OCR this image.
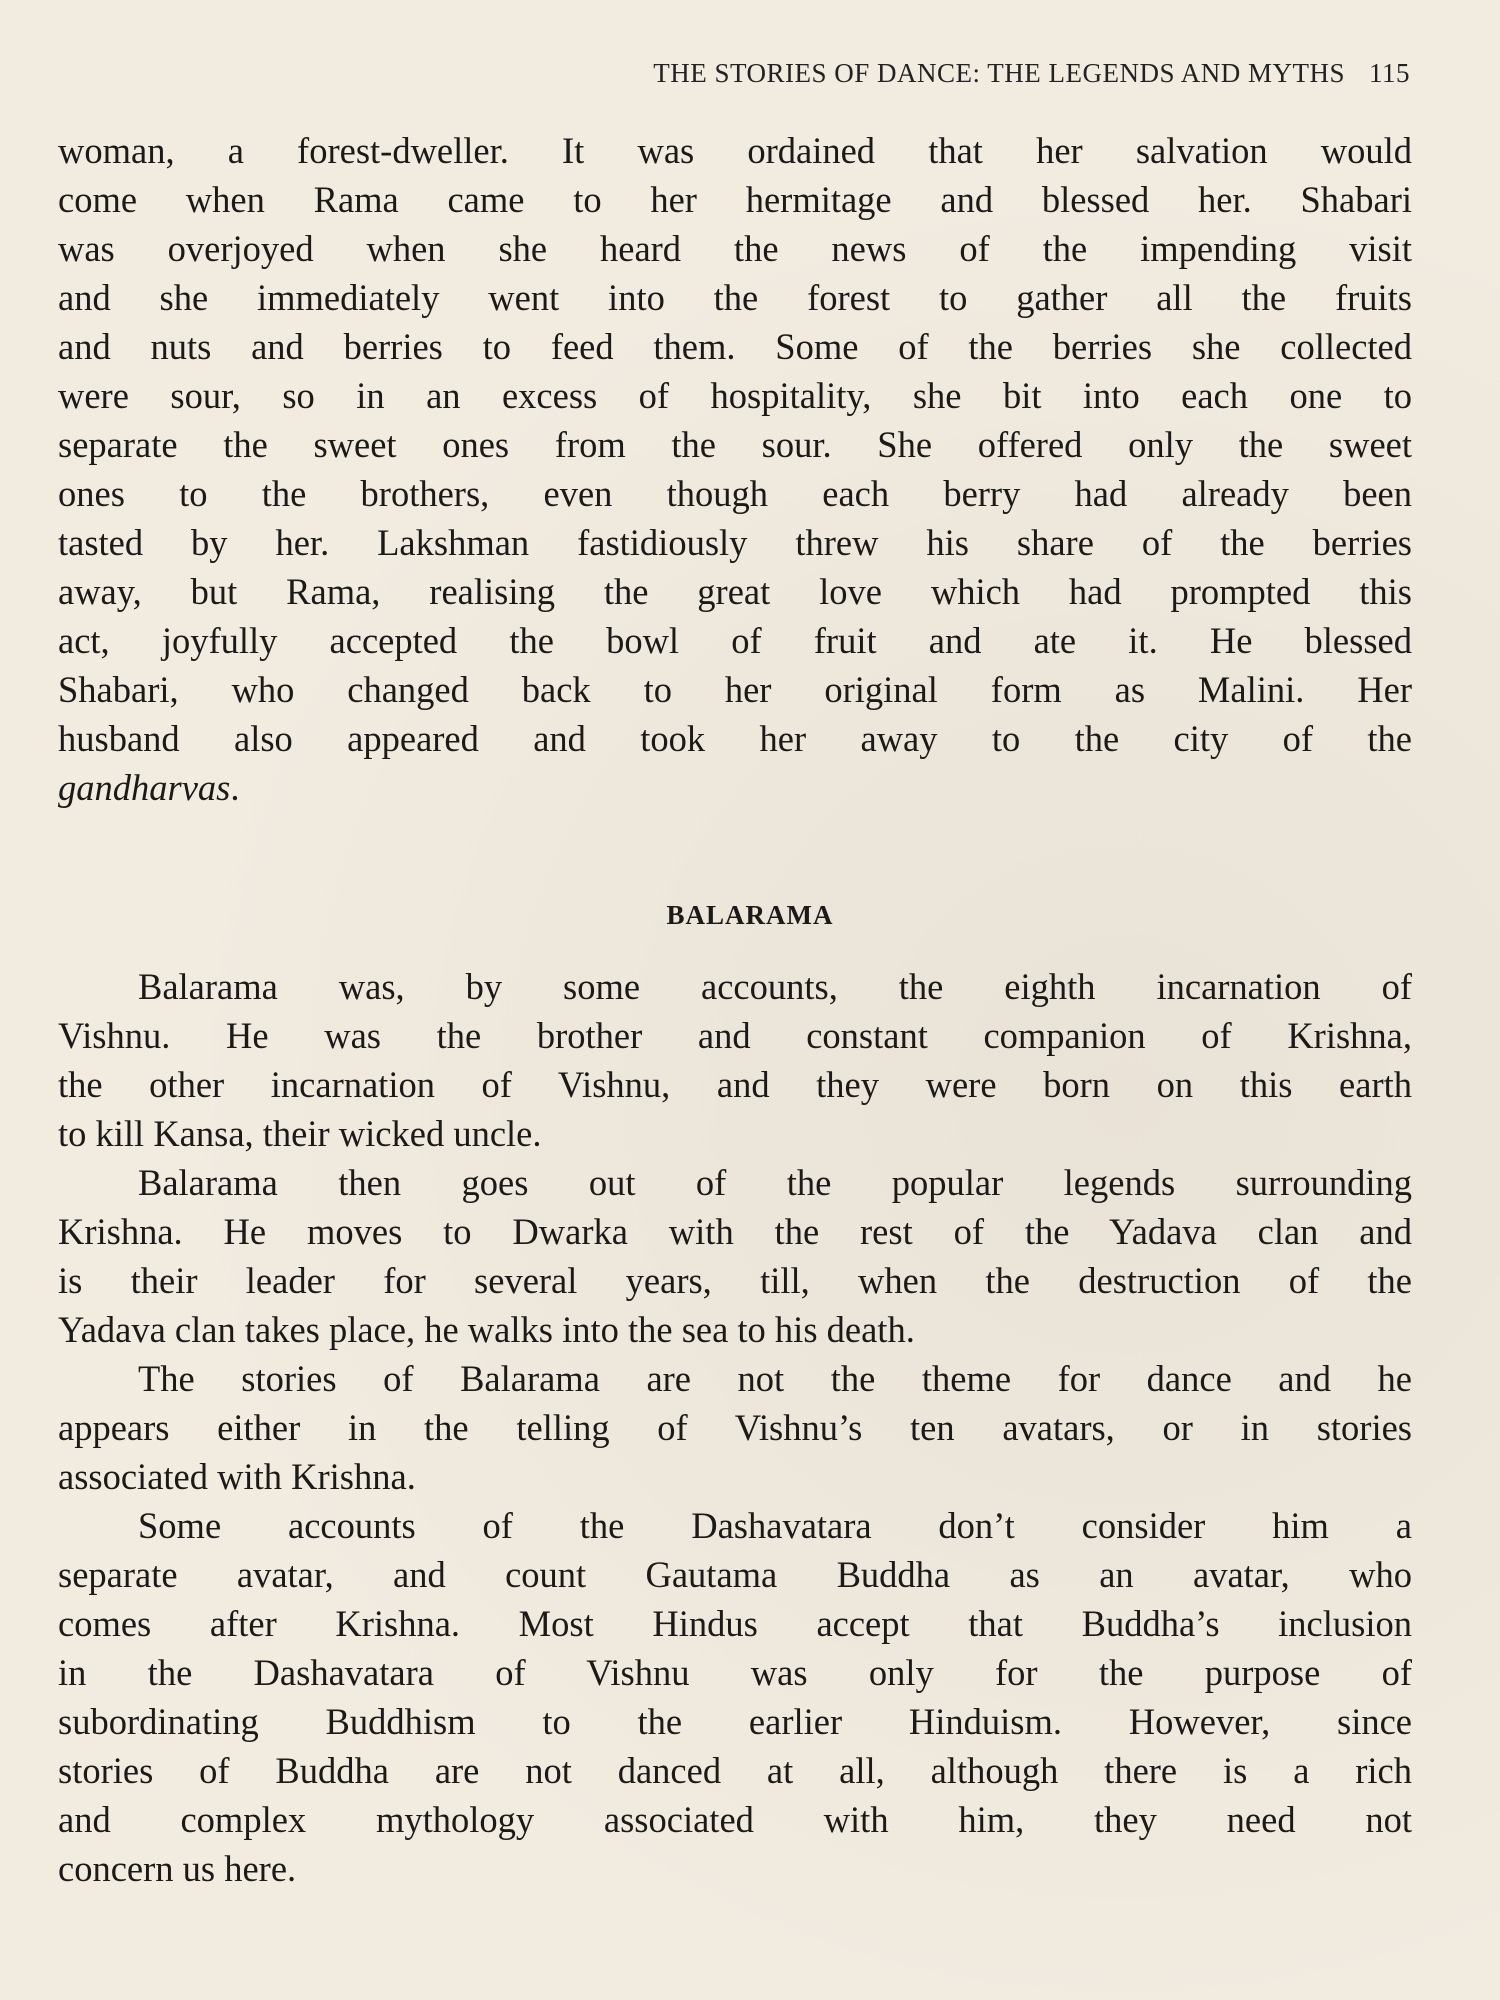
THE STORIES OF DANCE: THE LEGENDS AND MYTHS 115
woman, a forest-dweller. It was ordained that her salvation would
come when Rama came to her hermitage and blessed her. Shabari
was overjoyed when she heard the news of the impending visit
and she immediately went into the forest to gather all the fruits
and nuts and berries to feed them. Some of the berries she collected
were sour, so in an excess of hospitality, she bit into each one to
separate the sweet ones from the sour. She offered only the sweet
ones to the brothers, even though each berry had already been
tasted by her. Lakshman fastidiously threw his share of the berries
away, but Rama, realising the great love which had prompted this
act, joyfully accepted the bowl of fruit and ate it. He blessed
Shabari, who changed back to her original form as Malini. Her
husband also appeared and took her away to the city of the
gandharvas.
BALARAMA
Balarama was, by some accounts, the eighth incarnation of
Vishnu. He was the brother and constant companion of Krishna,
the other incarnation of Vishnu, and they were born on this earth
to kill Kansa, their wicked uncle.
Balarama then goes out of the popular legends surrounding
Krishna. He moves to Dwarka with the rest of the Yadava clan and
is their leader for several years, till, when the destruction of the
Yadava clan takes place, he walks into the sea to his death.
The stories of Balarama are not the theme for dance and he
appears either in the telling of Vishnu’s ten avatars, or in stories
associated with Krishna.
Some accounts of the Dashavatara don’t consider him a
separate avatar, and count Gautama Buddha as an avatar, who
comes after Krishna. Most Hindus accept that Buddha’s inclusion
in the Dashavatara of Vishnu was only for the purpose of
subordinating Buddhism to the earlier Hinduism. However, since
stories of Buddha are not danced at all, although there is a rich
and complex mythology associated with him, they need not
concern us here.
